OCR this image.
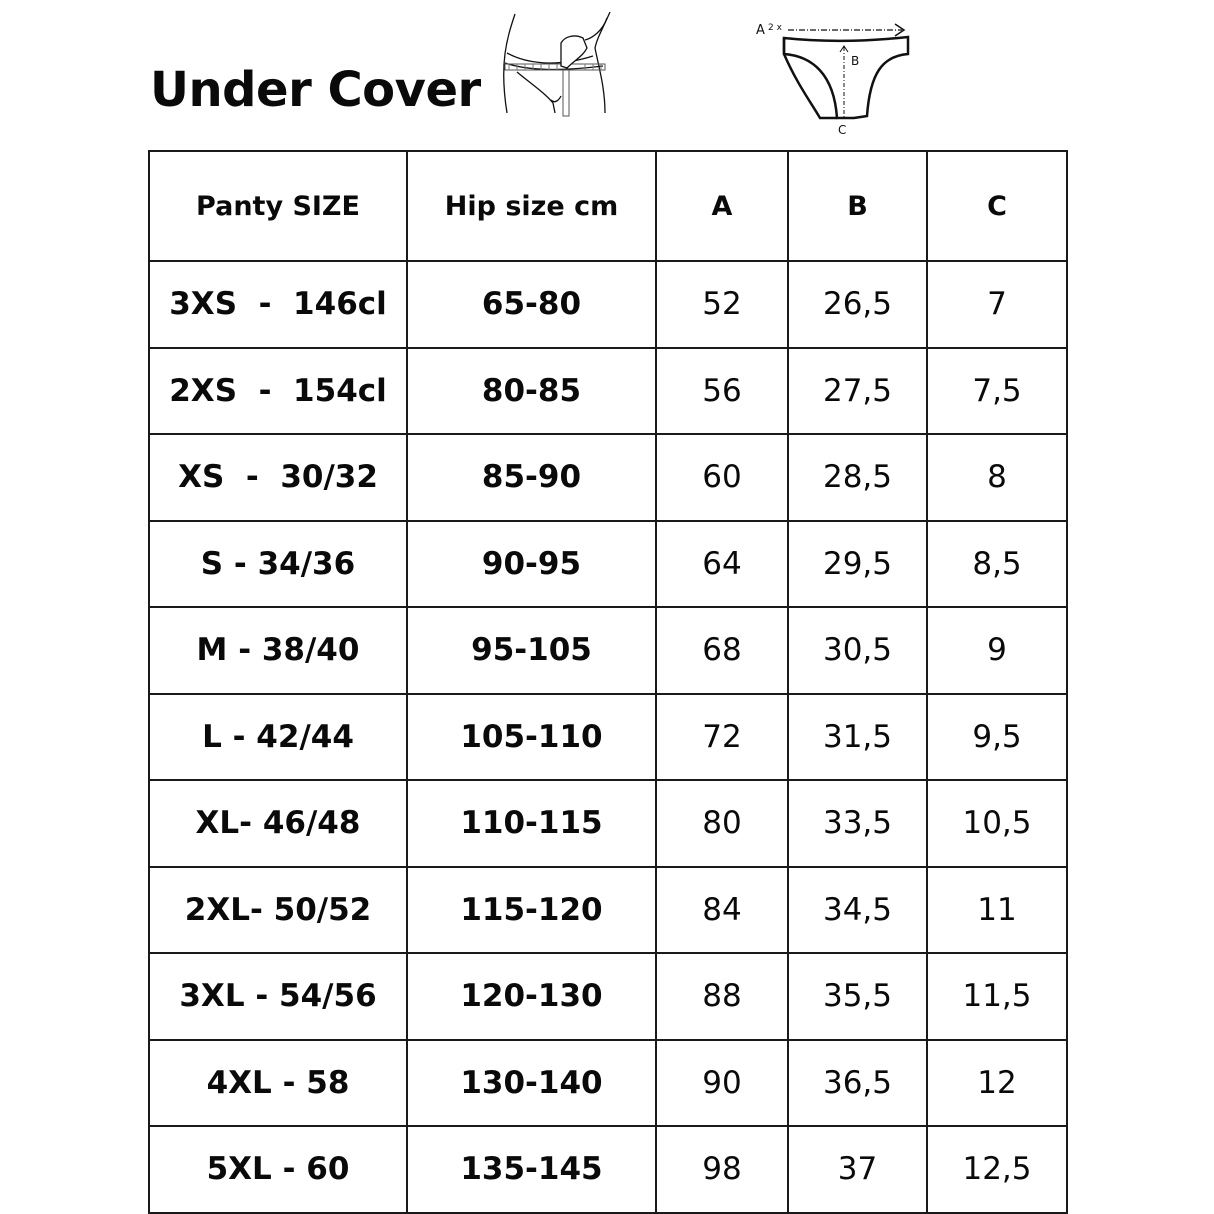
Under Cover
A 2 x
B
C
Panty SIZE	Hip size cm	A	B	C
3XS  -  146cl	65-80	52	26,5	7
2XS  -  154cl	80-85	56	27,5	7,5
XS  -  30/32	85-90	60	28,5	8
S - 34/36	90-95	64	29,5	8,5
M - 38/40	95-105	68	30,5	9
L - 42/44	105-110	72	31,5	9,5
XL- 46/48	110-115	80	33,5	10,5
2XL- 50/52	115-120	84	34,5	11
3XL - 54/56	120-130	88	35,5	11,5
4XL - 58	130-140	90	36,5	12
5XL - 60	135-145	98	37	12,5
